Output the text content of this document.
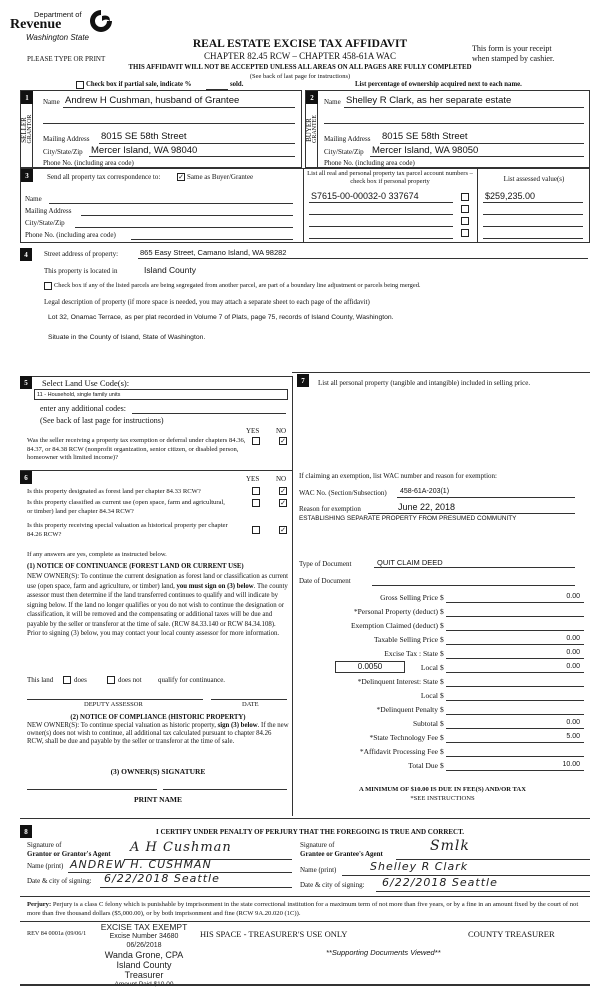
Department of
Revenue
Washington State
REAL ESTATE EXCISE TAX AFFIDAVIT
CHAPTER 82.45 RCW – CHAPTER 458-61A WAC
PLEASE TYPE OR PRINT
This form is your receipt
when stamped by cashier.
THIS AFFIDAVIT WILL NOT BE ACCEPTED UNLESS ALL AREAS ON ALL PAGES ARE FULLY COMPLETED
(See back of last page for instructions)
Check box if partial sale, indicate %	sold.	List percentage of ownership acquired next to each name.
1
SELLER GRANTOR
Name Andrew H Cushman, husband of Grantee
Mailing Address 8015 SE 58th Street
City/State/Zip Mercer Island, WA 98040
Phone No. (including area code)
2
BUYER GRANTEE
Name Shelley R Clark, as her separate estate
Mailing Address 8015 SE 58th Street
City/State/Zip Mercer Island, WA 98050
Phone No. (including area code)
3	Send all property tax correspondence to:	✓ Same as Buyer/Grantee
Name
Mailing Address
City/State/Zip
Phone No. (including area code)
List all real and personal property tax parcel account numbers – check box if personal property	List assessed value(s)
S7615-00-00032-0 337674	$259,235.00
4	Street address of property:	865 Easy Street, Camano Island, WA 98282
This property is located in	Island County
Check box if any of the listed parcels are being segregated from another parcel, are part of a boundary line adjustment or parcels being merged.
Legal description of property (if more space is needed, you may attach a separate sheet to each page of the affidavit)
Lot 32, Onamac Terrace, as per plat recorded in Volume 7 of Plats, page 75, records of Island County, Washington.
Situate in the County of Island, State of Washington.
5	Select Land Use Code(s):
11 - Household, single family units
enter any additional codes:
(See back of last page for instructions)
YES NO
Was the seller receiving a property tax exemption or deferral under chapters 84.36, 84.37, or 84.38 RCW (nonprofit organization, senior citizen, or disabled person, homeowner with limited income)?
✓
6	YES NO
Is this property designated as forest land per chapter 84.33 RCW?	✓
Is this property classified as current use (open space, farm and agricultural, or timber) land per chapter 84.34 RCW?
✓
Is this property receiving special valuation as historical property per chapter 84.26 RCW?	✓
If any answers are yes, complete as instructed below.
(1) NOTICE OF CONTINUANCE (FOREST LAND OR CURRENT USE)
NEW OWNER(S): To continue the current designation as forest land or classification as current use (open space, farm and agriculture, or timber) land, you must sign on (3) below. The county assessor must then determine if the land transferred continues to qualify and will indicate by signing below. If the land no longer qualifies or you do not wish to continue the designation or classification, it will be removed and the compensating or additional taxes will be due and payable by the seller or transferor at the time of sale. (RCW 84.33.140 or RCW 84.34.108). Prior to signing (3) below, you may contact your local county assessor for more information.
This land	does	does not qualify for continuance.
DEPUTY ASSESSOR	DATE
(2) NOTICE OF COMPLIANCE (HISTORIC PROPERTY)
NEW OWNER(S): To continue special valuation as historic property, sign (3) below. If the new owner(s) does not wish to continue, all additional tax calculated pursuant to chapter 84.26 RCW, shall be due and payable by the seller or transferor at the time of sale.
(3) OWNER(S) SIGNATURE
PRINT NAME
7	List all personal property (tangible and intangible) included in selling price.
If claiming an exemption, list WAC number and reason for exemption:
WAC No. (Section/Subsection) 458-61A-203(1)
Reason for exemption	June 22, 2018
ESTABLISHING SEPARATE PROPERTY FROM PRESUMED COMMUNITY
Type of Document	QUIT CLAIM DEED
Date of Document
Gross Selling Price $	0.00
*Personal Property (deduct) $
Exemption Claimed (deduct) $
Taxable Selling Price $	0.00
Excise Tax : State $	0.00
0.0050	Local $	0.00
*Delinquent Interest: State $
Local $
*Delinquent Penalty $
Subtotal $	0.00
*State Technology Fee $	5.00
*Affidavit Processing Fee $
Total Due $	10.00
A MINIMUM OF $10.00 IS DUE IN FEE(S) AND/OR TAX
*SEE INSTRUCTIONS
8	I CERTIFY UNDER PENALTY OF PERJURY THAT THE FOREGOING IS TRUE AND CORRECT.
Signature of
Grantor or Grantor's Agent A H Cushman
Name (print) ANDREW H. CUSHMAN
Date & city of signing: 6/22/2018 Seattle
Signature of
Grantee or Grantee's Agent	Smlk
Name (print)	Shelley R Clark
Date & city of signing: 6/22/2018 Seattle
Perjury: Perjury is a class C felony which is punishable by imprisonment in the state correctional institution for a maximum term of not more than five years, or by a fine in an amount fixed by the court of not more than five thousand dollars ($5,000.00), or by both imprisonment and fine (RCW 9A.20.020 (1C)).
REV 84 0001a (09/06/1
EXCISE TAX EXEMPT
Excise Number 34680
06/26/2018
Wanda Grone, CPA
Island County Treasurer
Amount Paid $10.00
HIS SPACE - TREASURER'S USE ONLY	COUNTY TREASURER
**Supporting Documents Viewed**
